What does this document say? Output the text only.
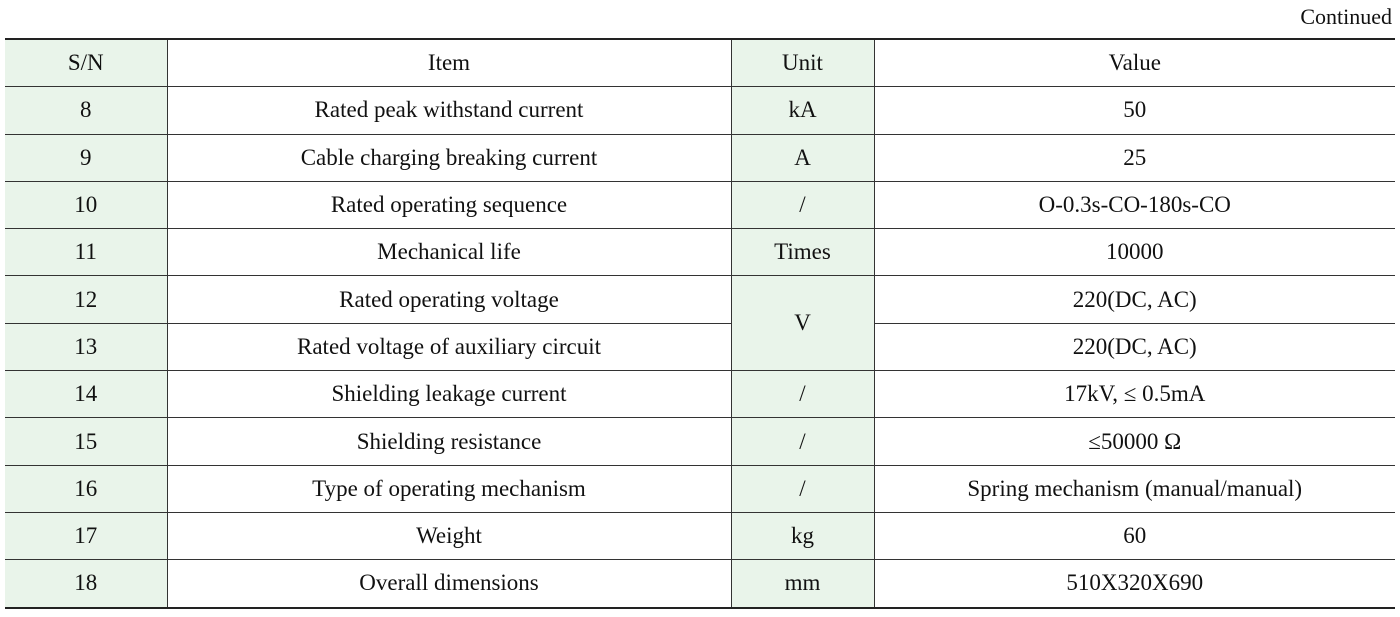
Continued
S/N	Item	Unit	Value
8	Rated peak withstand current	kA	50
9	Cable charging breaking current	A	25
10	Rated operating sequence	/	O-0.3s-CO-180s-CO
11	Mechanical life	Times	10000
12	Rated operating voltage	V	220(DC, AC)
13	Rated voltage of auxiliary circuit		220(DC, AC)
14	Shielding leakage current	/	17kV, ≤ 0.5mA
15	Shielding resistance	/	≤50000 Ω
16	Type of operating mechanism	/	Spring mechanism (manual/manual)
17	Weight	kg	60
18	Overall dimensions	mm	510X320X690
